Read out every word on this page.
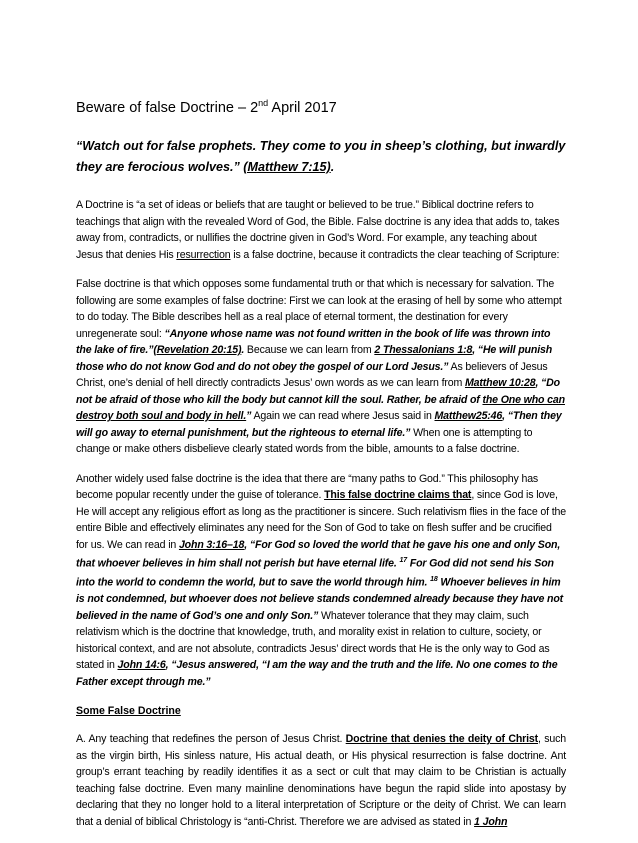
Beware of false Doctrine – 2nd April 2017

“Watch out for false prophets. They come to you in sheep’s clothing, but inwardly they are ferocious wolves.” (Matthew 7:15).

A Doctrine is “a set of ideas or beliefs that are taught or believed to be true.” Biblical doctrine refers to teachings that align with the revealed Word of God, the Bible. False doctrine is any idea that adds to, takes away from, contradicts, or nullifies the doctrine given in God’s Word. For example, any teaching about Jesus that denies His resurrection is a false doctrine, because it contradicts the clear teaching of Scripture:

False doctrine is that which opposes some fundamental truth or that which is necessary for salvation. The following are some examples of false doctrine: First we can look at the erasing of hell by some who attempt to do today. The Bible describes hell as a real place of eternal torment, the destination for every unregenerate soul: “Anyone whose name was not found written in the book of life was thrown into the lake of fire.”(Revelation 20:15). Because we can learn from 2 Thessalonians 1:8, “He will punish those who do not know God and do not obey the gospel of our Lord Jesus.” As believers of Jesus Christ, one’s denial of hell directly contradicts Jesus’ own words as we can learn from Matthew 10:28, “Do not be afraid of those who kill the body but cannot kill the soul. Rather, be afraid of the One who can destroy both soul and body in hell.” Again we can read where Jesus said in Matthew25:46, “Then they will go away to eternal punishment, but the righteous to eternal life.” When one is attempting to change or make others disbelieve clearly stated words from the bible, amounts to a false doctrine.

Another widely used false doctrine is the idea that there are “many paths to God.” This philosophy has become popular recently under the guise of tolerance. This false doctrine claims that, since God is love, He will accept any religious effort as long as the practitioner is sincere. Such relativism flies in the face of the entire Bible and effectively eliminates any need for the Son of God to take on flesh suffer and be crucified for us. We can read in John 3:16–18, “For God so loved the world that he gave his one and only Son, that whoever believes in him shall not perish but have eternal life. $^{17}$ For God did not send his Son into the world to condemn the world, but to save the world through him. $^{18}$ Whoever believes in him is not condemned, but whoever does not believe stands condemned already because they have not believed in the name of God’s one and only Son.” Whatever tolerance that they may claim, such relativism which is the doctrine that knowledge, truth, and morality exist in relation to culture, society, or historical context, and are not absolute, contradicts Jesus’ direct words that He is the only way to God as stated in John 14:6, “Jesus answered, “I am the way and the truth and the life. No one comes to the Father except through me.”

Some False Doctrine

A. Any teaching that redefines the person of Jesus Christ. Doctrine that denies the deity of Christ, such as the virgin birth, His sinless nature, His actual death, or His physical resurrection is false doctrine. Ant group’s errant teaching by readily identifies it as a sect or cult that may claim to be Christian is actually teaching false doctrine. Even many mainline denominations have begun the rapid slide into apostasy by declaring that they no longer hold to a literal interpretation of Scripture or the deity of Christ. We can learn that a denial of biblical Christology is “anti-Christ. Therefore we are advised as stated in 1 John
